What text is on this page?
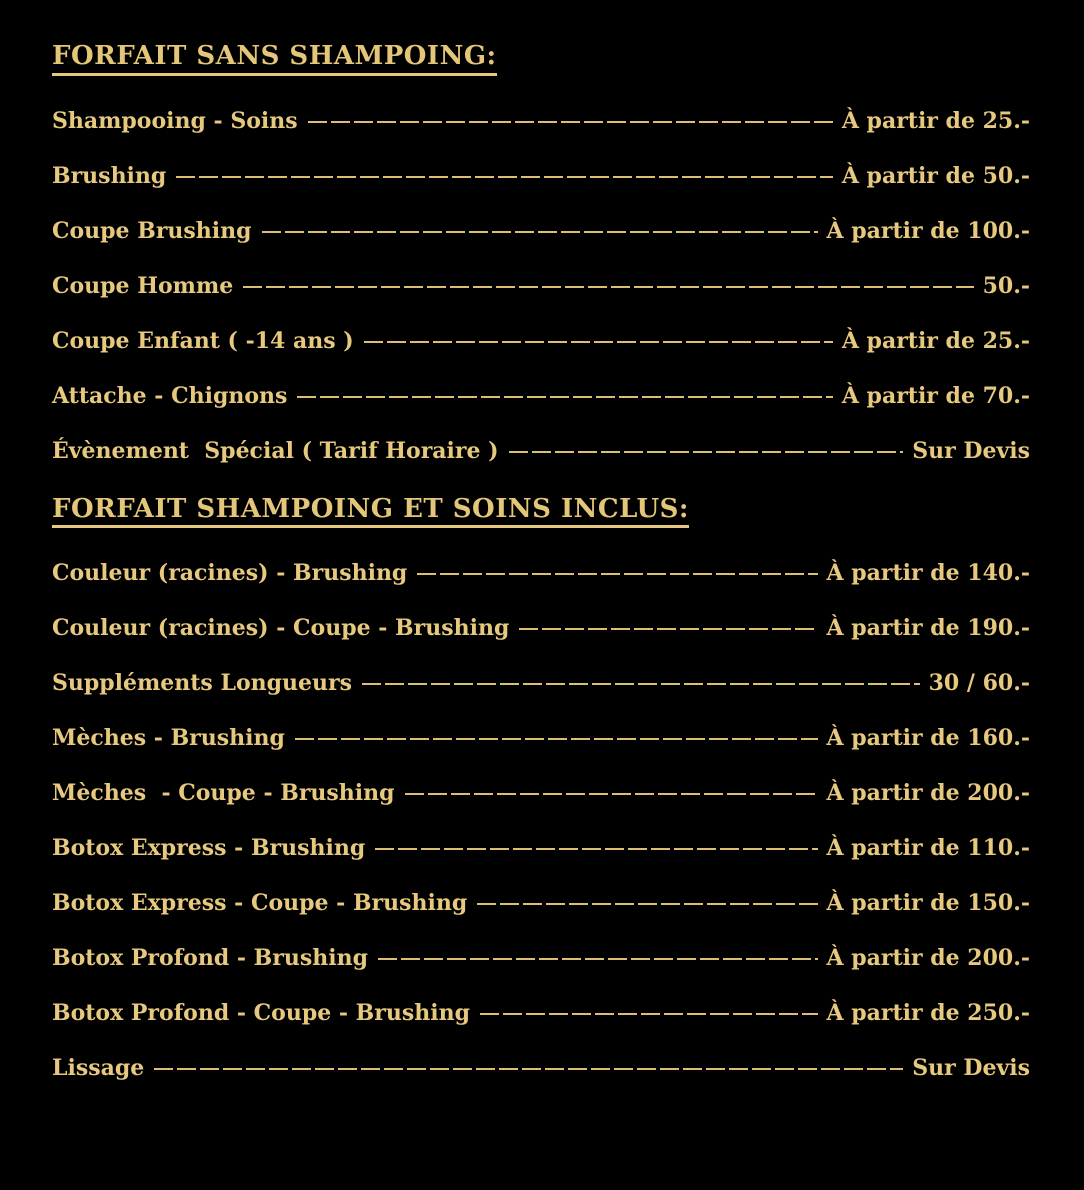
FORFAIT SANS SHAMPOING:
Shampooing - Soins	À partir de 25.-
Brushing	À partir de 50.-
Coupe Brushing	À partir de 100.-
Coupe Homme	50.-
Coupe Enfant ( -14 ans )	À partir de 25.-
Attache - Chignons	À partir de 70.-
Évènement  Spécial ( Tarif Horaire )	Sur Devis
FORFAIT SHAMPOING ET SOINS INCLUS:
Couleur (racines) - Brushing	À partir de 140.-
Couleur (racines) - Coupe - Brushing	À partir de 190.-
Suppléments Longueurs	30 / 60.-
Mèches - Brushing	À partir de 160.-
Mèches  - Coupe - Brushing	À partir de 200.-
Botox Express - Brushing	À partir de 110.-
Botox Express - Coupe - Brushing	À partir de 150.-
Botox Profond - Brushing	À partir de 200.-
Botox Profond - Coupe - Brushing	À partir de 250.-
Lissage	Sur Devis
